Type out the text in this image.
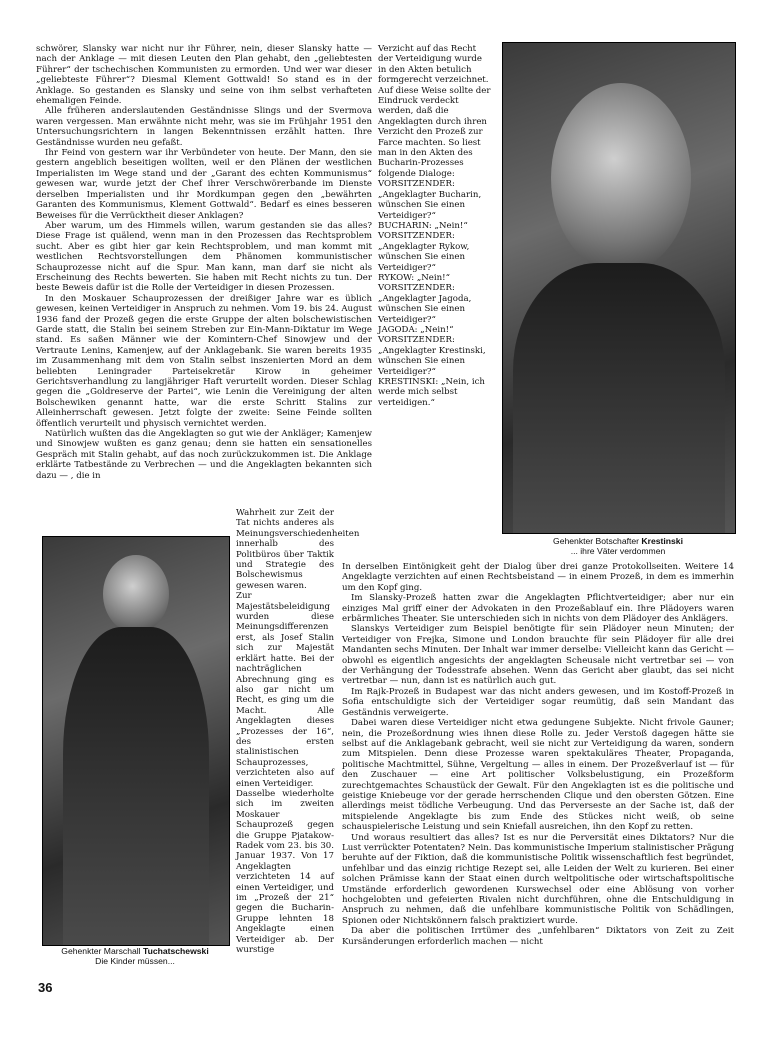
schwörer, Slansky war nicht nur ihr Führer, nein, dieser Slansky hatte — nach der Anklage — mit diesen Leuten den Plan gehabt, den „geliebtesten Führer“ der tschechischen Kommunisten zu ermorden. Und wer war dieser „geliebteste Führer“? Diesmal Klement Gottwald! So stand es in der Anklage. So gestanden es Slansky und seine von ihm selbst verhafteten ehemaligen Feinde.

Alle früheren anderslautenden Geständnisse Slings und der Svermova waren vergessen. Man erwähnte nicht mehr, was sie im Frühjahr 1951 den Untersuchungsrichtern in langen Bekenntnissen erzählt hatten. Ihre Geständnisse wurden neu gefaßt.

Ihr Feind von gestern war ihr Verbündeter von heute. Der Mann, den sie gestern angeblich beseitigen wollten, weil er den Plänen der westlichen Imperialisten im Wege stand und der „Garant des echten Kommunismus“ gewesen war, wurde jetzt der Chef ihrer Verschwörerbande im Dienste derselben Imperialisten und ihr Mordkumpan gegen den „bewährten Garanten des Kommunismus, Klement Gottwald“. Bedarf es eines besseren Beweises für die Verrücktheit dieser Anklagen?

Aber warum, um des Himmels willen, warum gestanden sie das alles? Diese Frage ist quälend, wenn man in den Prozessen das Rechtsproblem sucht. Aber es gibt hier gar kein Rechtsproblem, und man kommt mit westlichen Rechtsvorstellungen dem Phänomen kommunistischer Schauprozesse nicht auf die Spur. Man kann, man darf sie nicht als Erscheinung des Rechts bewerten. Sie haben mit Recht nichts zu tun. Der beste Beweis dafür ist die Rolle der Verteidiger in diesen Prozessen.

In den Moskauer Schauprozessen der dreißiger Jahre war es üblich gewesen, keinen Verteidiger in Anspruch zu nehmen. Vom 19. bis 24. August 1936 fand der Prozeß gegen die erste Gruppe der alten bolschewistischen Garde statt, die Stalin bei seinem Streben zur Ein-Mann-Diktatur im Wege stand. Es saßen Männer wie der Komintern-Chef Sinowjew und der Vertraute Lenins, Kamenjew, auf der Anklagebank. Sie waren bereits 1935 im Zusammenhang mit dem von Stalin selbst inszenierten Mord an dem beliebten Leningrader Parteisekretär Kirow in geheimer Gerichtsverhandlung zu langjähriger Haft verurteilt worden. Dieser Schlag gegen die „Goldreserve der Partei“, wie Lenin die Vereinigung der alten Bolschewiken genannt hatte, war die erste Schritt Stalins zur Alleinherrschaft gewesen. Jetzt folgte der zweite: Seine Feinde sollten öffentlich verurteilt und physisch vernichtet werden.

Natürlich wußten das die Angeklagten so gut wie der Ankläger; Kamenjew und Sinowjew wußten es ganz genau; denn sie hatten ein sensationelles Gespräch mit Stalin gehabt, auf das noch zurückzukommen ist. Die Anklage erklärte Tatbestände zu Verbrechen — und die Angeklagten bekannten sich dazu — , die in

Verzicht auf das Recht der Verteidigung wurde in den Akten betulich formgerecht verzeichnet. Auf diese Weise sollte der Eindruck verdeckt werden, daß die Angeklagten durch ihren Verzicht den Prozeß zur Farce machten. So liest man in den Akten des Bucharin-Prozesses folgende Dialoge:
VORSITZENDER: „Angeklagter Bucharin, wünschen Sie einen Verteidiger?“
BUCHARIN: „Nein!“
VORSITZENDER: „Angeklagter Rykow, wünschen Sie einen Verteidiger?“
RYKOW: „Nein!“
VORSITZENDER: „Angeklagter Jagoda, wünschen Sie einen Verteidiger?“
JAGODA: „Nein!“
VORSITZENDER: „Angeklagter Krestinski, wünschen Sie einen Verteidiger?“
KRESTINSKI: „Nein, ich werde mich selbst verteidigen.“
Gehenkter Botschafter Krestinski
... ihre Väter verdommen
Gehenkter Marschall Tuchatschewski
Die Kinder müssen...
Wahrheit zur Zeit der Tat nichts anderes als Meinungsverschiedenheiten innerhalb des Politbüros über Taktik und Strategie des Bolschewismus gewesen waren.
Zur Majestätsbeleidigung wurden diese Meinungsdifferenzen erst, als Josef Stalin sich zur Majestät erklärt hatte. Bei der nachträglichen Abrechnung ging es also gar nicht um Recht, es ging um die Macht. Alle Angeklagten dieses „Prozesses der 16“, des ersten stalinistischen Schauprozesses, verzichteten also auf einen Verteidiger.
Dasselbe wiederholte sich im zweiten Moskauer Schauprozeß gegen die Gruppe Pjatakow-Radek vom 23. bis 30. Januar 1937. Von 17 Angeklagten verzichteten 14 auf einen Verteidiger, und im „Prozeß der 21“ gegen die Bucharin-Gruppe lehnten 18 Angeklagte einen Verteidiger ab. Der wurstige

In derselben Eintönigkeit geht der Dialog über drei ganze Protokollseiten. Weitere 14 Angeklagte verzichten auf einen Rechtsbeistand — in einem Prozeß, in dem es immerhin um den Kopf ging.

Im Slansky-Prozeß hatten zwar die Angeklagten Pflichtverteidiger; aber nur ein einziges Mal griff einer der Advokaten in den Prozeßablauf ein. Ihre Plädoyers waren erbärmliches Theater. Sie unterschieden sich in nichts von dem Plädoyer des Anklägers.

Slanskys Verteidiger zum Beispiel benötigte für sein Plädoyer neun Minuten; der Verteidiger von Frejka, Simone und London brauchte für sein Plädoyer für alle drei Mandanten sechs Minuten. Der Inhalt war immer derselbe: Vielleicht kann das Gericht — obwohl es eigentlich angesichts der angeklagten Scheusale nicht vertretbar sei — von der Verhängung der Todesstrafe absehen. Wenn das Gericht aber glaubt, das sei nicht vertretbar — nun, dann ist es natürlich auch gut.

Im Rajk-Prozeß in Budapest war das nicht anders gewesen, und im Kostoff-Prozeß in Sofia entschuldigte sich der Verteidiger sogar reumütig, daß sein Mandant das Geständnis verweigerte.

Dabei waren diese Verteidiger nicht etwa gedungene Subjekte. Nicht frivole Gauner; nein, die Prozeßordnung wies ihnen diese Rolle zu. Jeder Verstoß dagegen hätte sie selbst auf die Anklagebank gebracht, weil sie nicht zur Verteidigung da waren, sondern zum Mitspielen. Denn diese Prozesse waren spektakuläres Theater, Propaganda, politische Machtmittel, Sühne, Vergeltung — alles in einem. Der Prozeßverlauf ist — für den Zuschauer — eine Art politischer Volksbelustigung, ein Prozeßform zurechtgemachtes Schaustück der Gewalt. Für den Angeklagten ist es die politische und geistige Kniebeuge vor der gerade herrschenden Clique und den obersten Götzen. Eine allerdings meist tödliche Verbeugung. Und das Perverseste an der Sache ist, daß der mitspielende Angeklagte bis zum Ende des Stückes nicht weiß, ob seine schauspielerische Leistung und sein Kniefall ausreichen, ihn den Kopf zu retten.

Und woraus resultiert das alles? Ist es nur die Perversität eines Diktators? Nur die Lust verrückter Potentaten? Nein. Das kommunistische Imperium stalinistischer Prägung beruhte auf der Fiktion, daß die kommunistische Politik wissenschaftlich fest begründet, unfehlbar und das einzig richtige Rezept sei, alle Leiden der Welt zu kurieren. Bei einer solchen Prämisse kann der Staat einen durch weltpolitische oder wirtschaftspolitische Umstände erforderlich gewordenen Kurswechsel oder eine Ablösung von vorher hochgelobten und gefeierten Rivalen nicht durchführen, ohne die Entschuldigung in Anspruch zu nehmen, daß die unfehlbare kommunistische Politik von Schädlingen, Spionen oder Nichtskönnern falsch praktiziert wurde.

Da aber die politischen Irrtümer des „unfehlbaren“ Diktators von Zeit zu Zeit Kursänderungen erforderlich machen — nicht

36
